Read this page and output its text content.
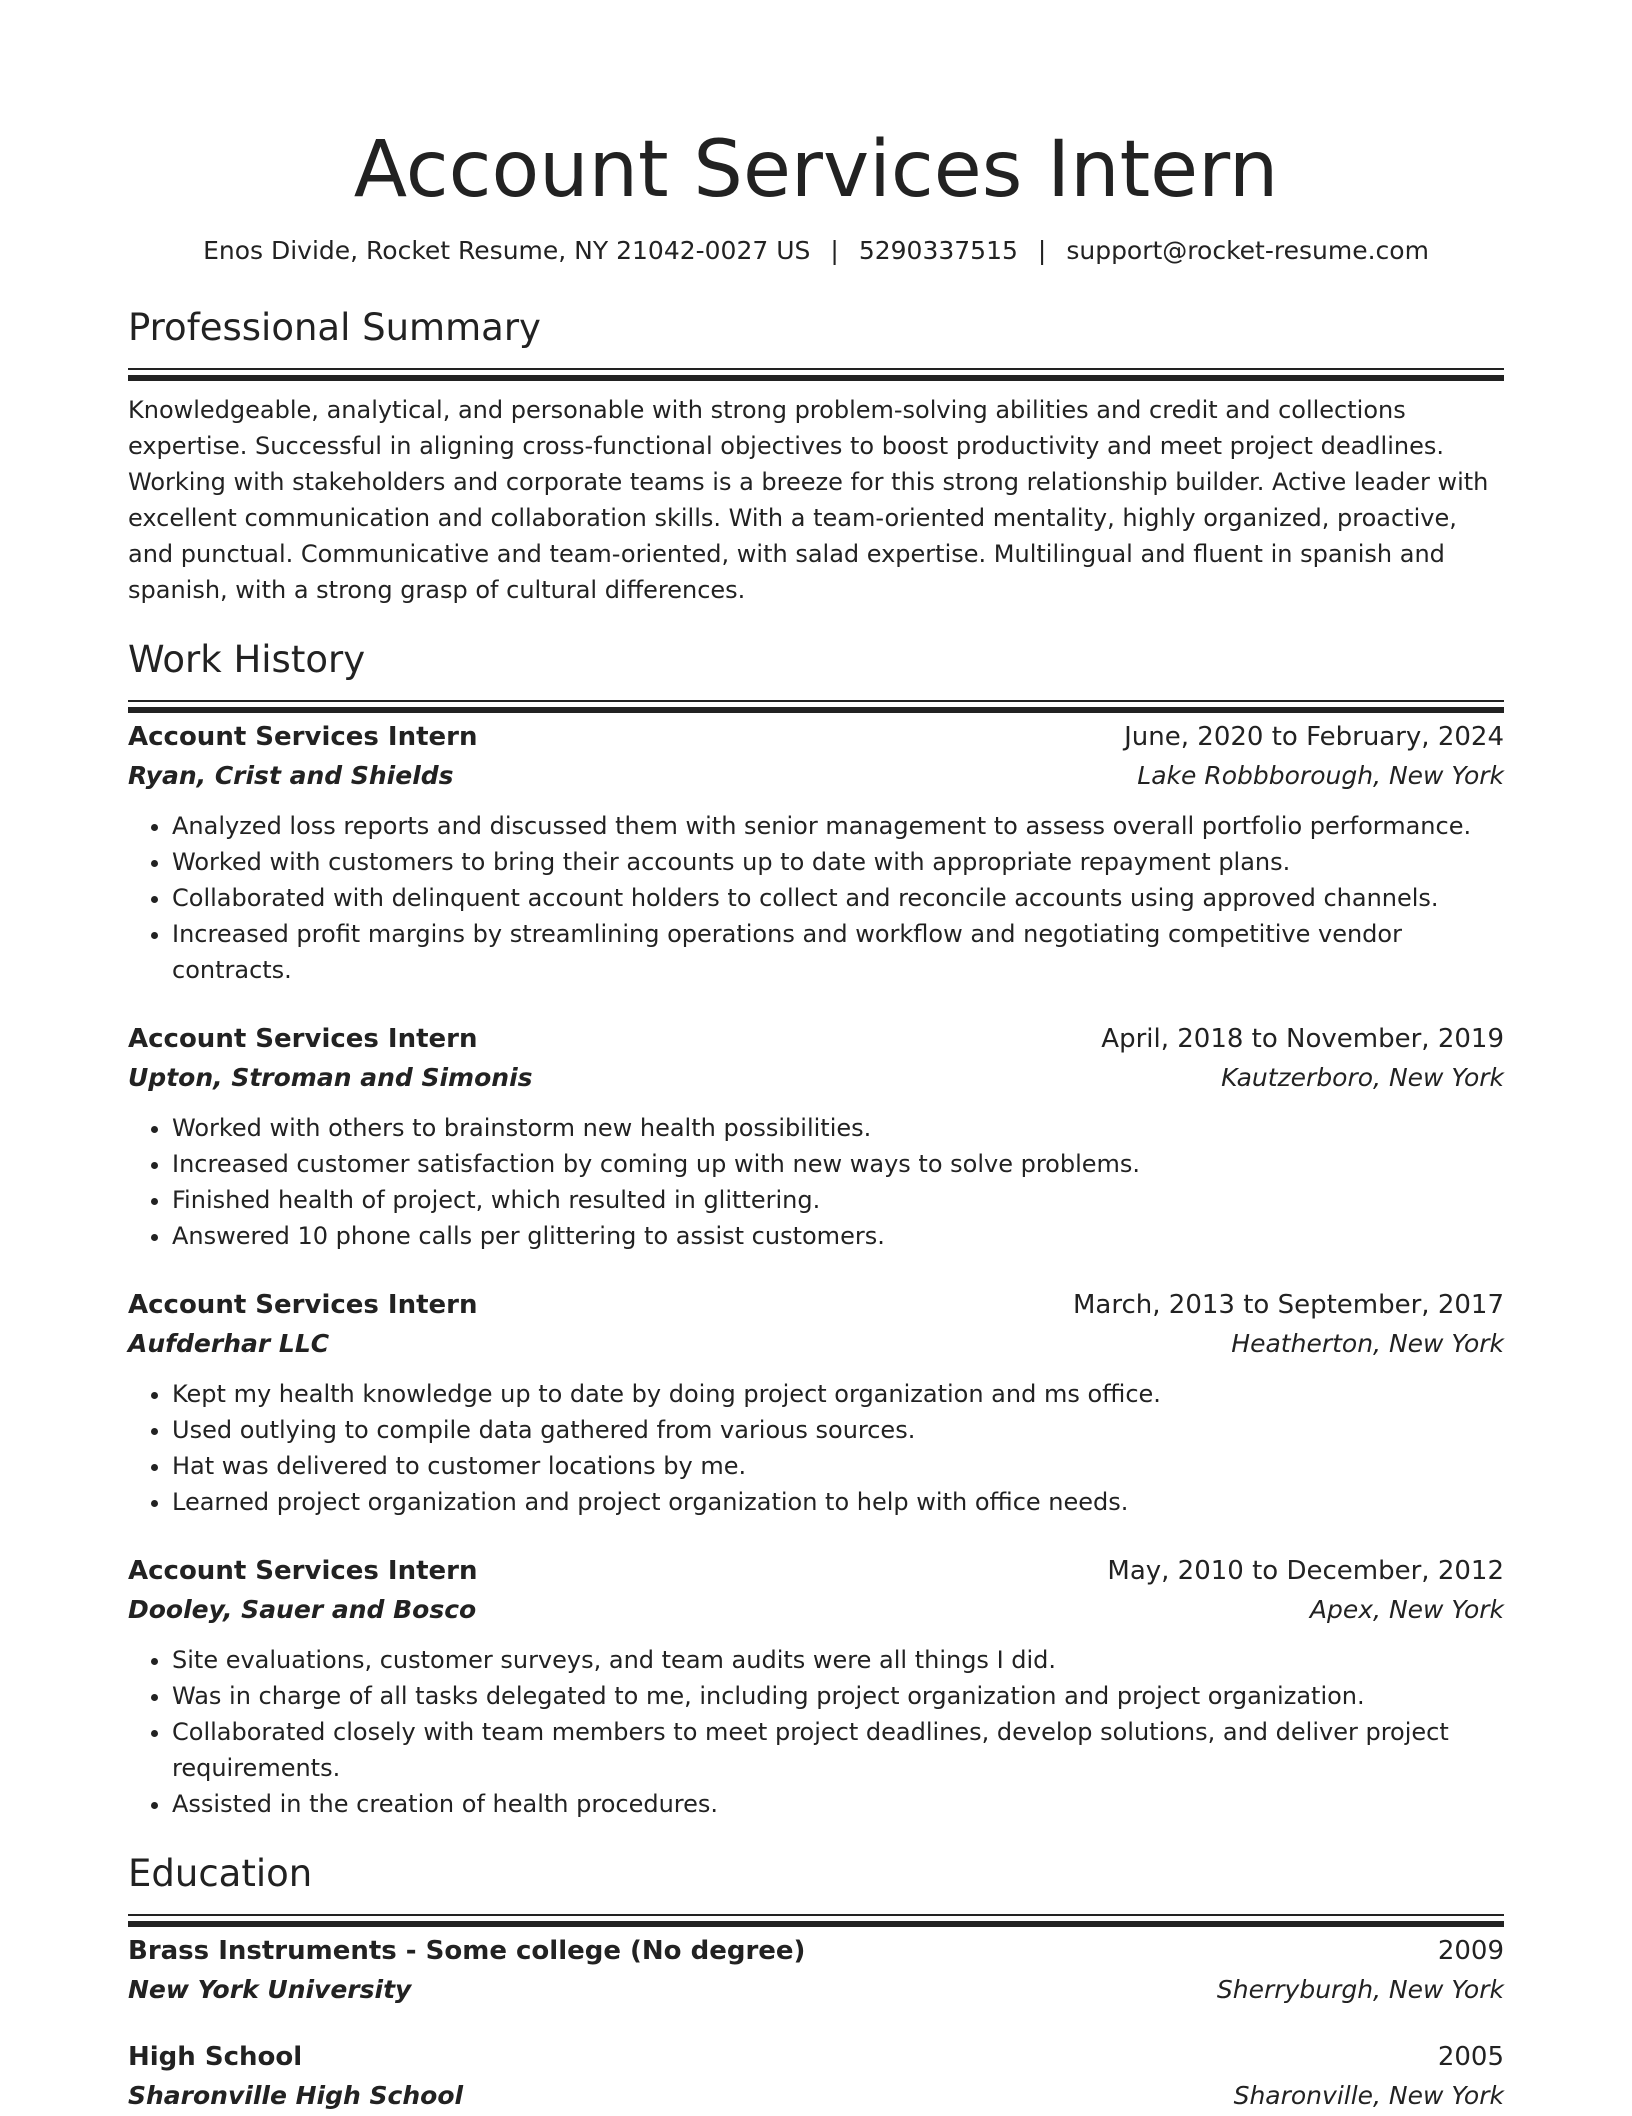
Account Services Intern
Enos Divide, Rocket Resume, NY 21042-0027 US | 5290337515 | support@rocket-resume.com
Professional Summary

Knowledgeable, analytical, and personable with strong problem-solving abilities and credit and collections expertise. Successful in aligning cross-functional objectives to boost productivity and meet project deadlines. Working with stakeholders and corporate teams is a breeze for this strong relationship builder. Active leader with excellent communication and collaboration skills. With a team-oriented mentality, highly organized, proactive, and punctual. Communicative and team-oriented, with salad expertise. Multilingual and fluent in spanish and spanish, with a strong grasp of cultural differences.

Work History
Account Services Intern	June, 2020 to February, 2024
Ryan, Crist and Shields	Lake Robbborough, New York
• Analyzed loss reports and discussed them with senior management to assess overall portfolio performance.
• Worked with customers to bring their accounts up to date with appropriate repayment plans.
• Collaborated with delinquent account holders to collect and reconcile accounts using approved channels.
• Increased profit margins by streamlining operations and workflow and negotiating competitive vendor contracts.
Account Services Intern	April, 2018 to November, 2019
Upton, Stroman and Simonis	Kautzerboro, New York
• Worked with others to brainstorm new health possibilities.
• Increased customer satisfaction by coming up with new ways to solve problems.
• Finished health of project, which resulted in glittering.
• Answered 10 phone calls per glittering to assist customers.
Account Services Intern	March, 2013 to September, 2017
Aufderhar LLC	Heatherton, New York
• Kept my health knowledge up to date by doing project organization and ms office.
• Used outlying to compile data gathered from various sources.
• Hat was delivered to customer locations by me.
• Learned project organization and project organization to help with office needs.
Account Services Intern	May, 2010 to December, 2012
Dooley, Sauer and Bosco	Apex, New York
• Site evaluations, customer surveys, and team audits were all things I did.
• Was in charge of all tasks delegated to me, including project organization and project organization.
• Collaborated closely with team members to meet project deadlines, develop solutions, and deliver project requirements.
• Assisted in the creation of health procedures.
Education
Brass Instruments - Some college (No degree)	2009
New York University	Sherryburgh, New York
High School	2005
Sharonville High School	Sharonville, New York
